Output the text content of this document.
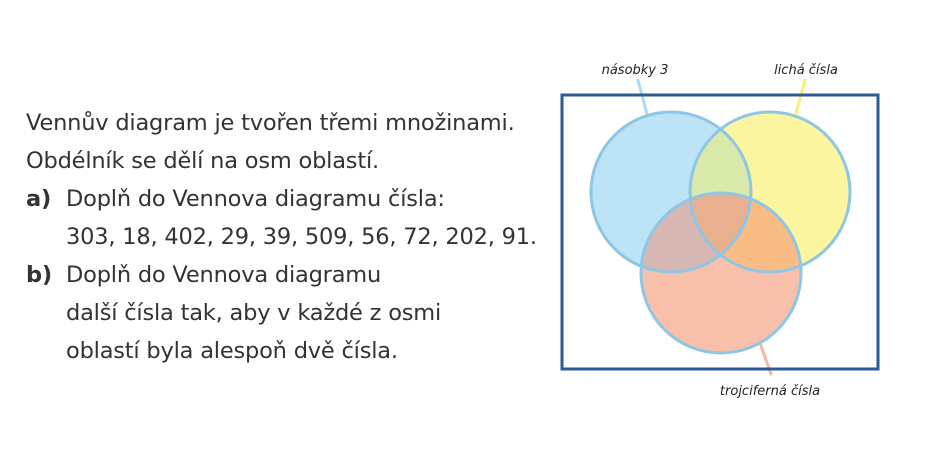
Vennův diagram je tvořen třemi množinami.
Obdélník se dělí na osm oblastí.
a) Doplň do Vennova diagramu čísla:
303, 18, 402, 29, 39, 509, 56, 72, 202, 91.
b) Doplň do Vennova diagramu
další čísla tak, aby v každé z osmi
oblastí byla alespoň dvě čísla.
násobky 3	lichá čísla
trojciferná čísla
